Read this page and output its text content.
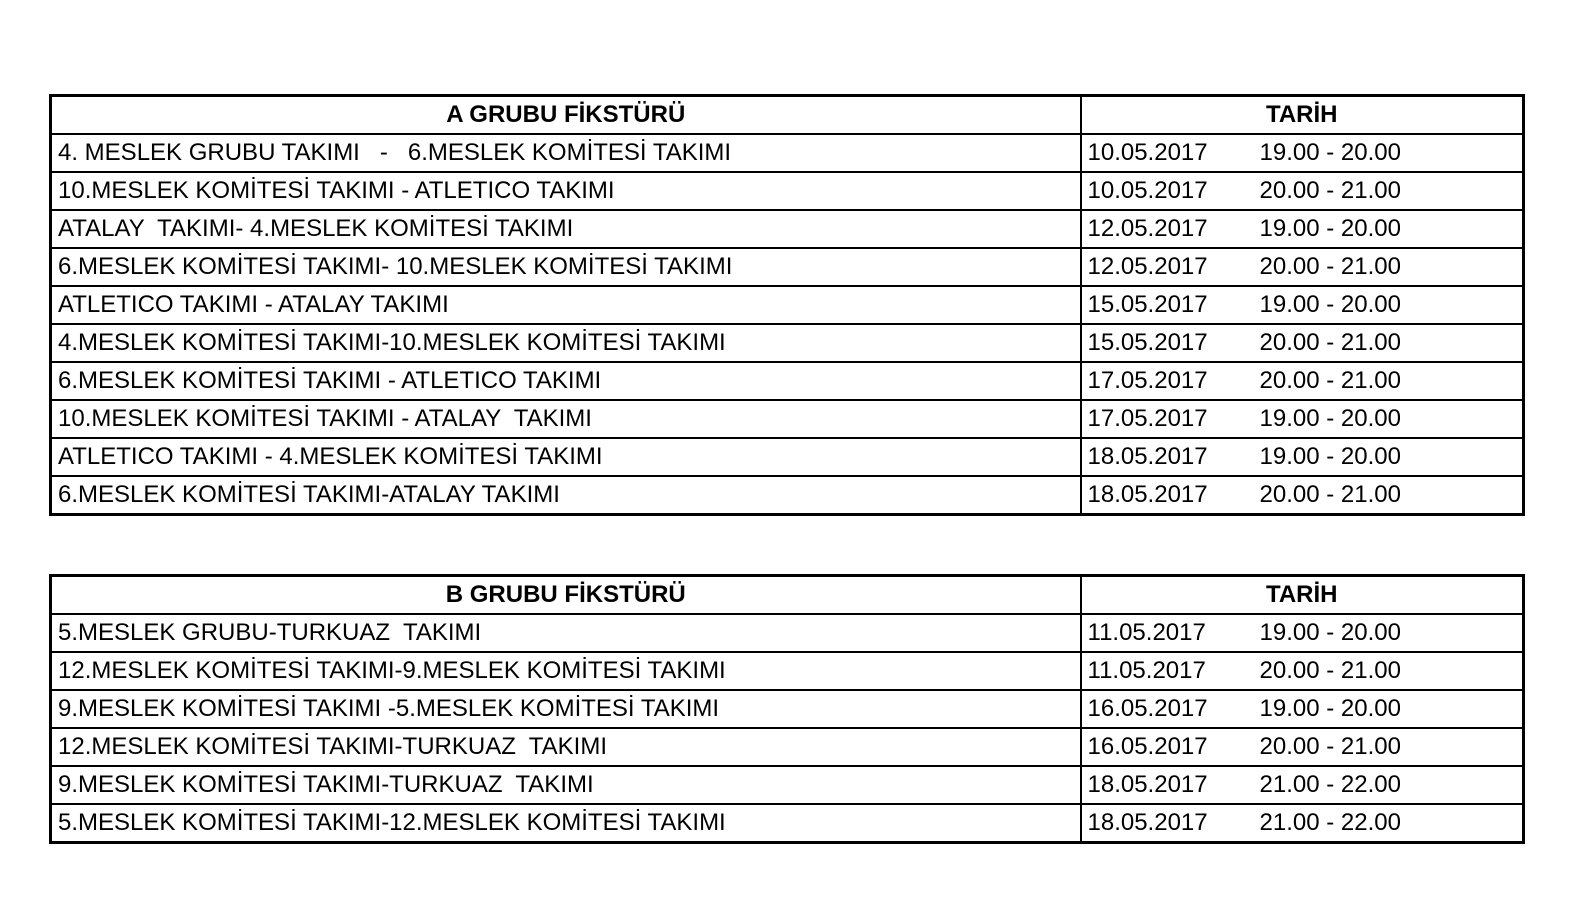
A GRUBU FİKSTÜRÜ	TARİH
4. MESLEK GRUBU TAKIMI   -   6.MESLEK KOMİTESİ TAKIMI	10.05.2017 19.00 - 20.00
10.MESLEK KOMİTESİ TAKIMI - ATLETICO TAKIMI	10.05.2017 20.00 - 21.00
ATALAY  TAKIMI- 4.MESLEK KOMİTESİ TAKIMI	12.05.2017 19.00 - 20.00
6.MESLEK KOMİTESİ TAKIMI- 10.MESLEK KOMİTESİ TAKIMI	12.05.2017 20.00 - 21.00
ATLETICO TAKIMI - ATALAY TAKIMI	15.05.2017 19.00 - 20.00
4.MESLEK KOMİTESİ TAKIMI-10.MESLEK KOMİTESİ TAKIMI	15.05.2017 20.00 - 21.00
6.MESLEK KOMİTESİ TAKIMI - ATLETICO TAKIMI	17.05.2017 20.00 - 21.00
10.MESLEK KOMİTESİ TAKIMI - ATALAY  TAKIMI	17.05.2017 19.00 - 20.00
ATLETICO TAKIMI - 4.MESLEK KOMİTESİ TAKIMI	18.05.2017 19.00 - 20.00
6.MESLEK KOMİTESİ TAKIMI-ATALAY TAKIMI	18.05.2017 20.00 - 21.00
B GRUBU FİKSTÜRÜ	TARİH
5.MESLEK GRUBU-TURKUAZ  TAKIMI	11.05.2017 19.00 - 20.00
12.MESLEK KOMİTESİ TAKIMI-9.MESLEK KOMİTESİ TAKIMI	11.05.2017 20.00 - 21.00
9.MESLEK KOMİTESİ TAKIMI -5.MESLEK KOMİTESİ TAKIMI	16.05.2017 19.00 - 20.00
12.MESLEK KOMİTESİ TAKIMI-TURKUAZ  TAKIMI	16.05.2017 20.00 - 21.00
9.MESLEK KOMİTESİ TAKIMI-TURKUAZ  TAKIMI	18.05.2017 21.00 - 22.00
5.MESLEK KOMİTESİ TAKIMI-12.MESLEK KOMİTESİ TAKIMI	18.05.2017 21.00 - 22.00
